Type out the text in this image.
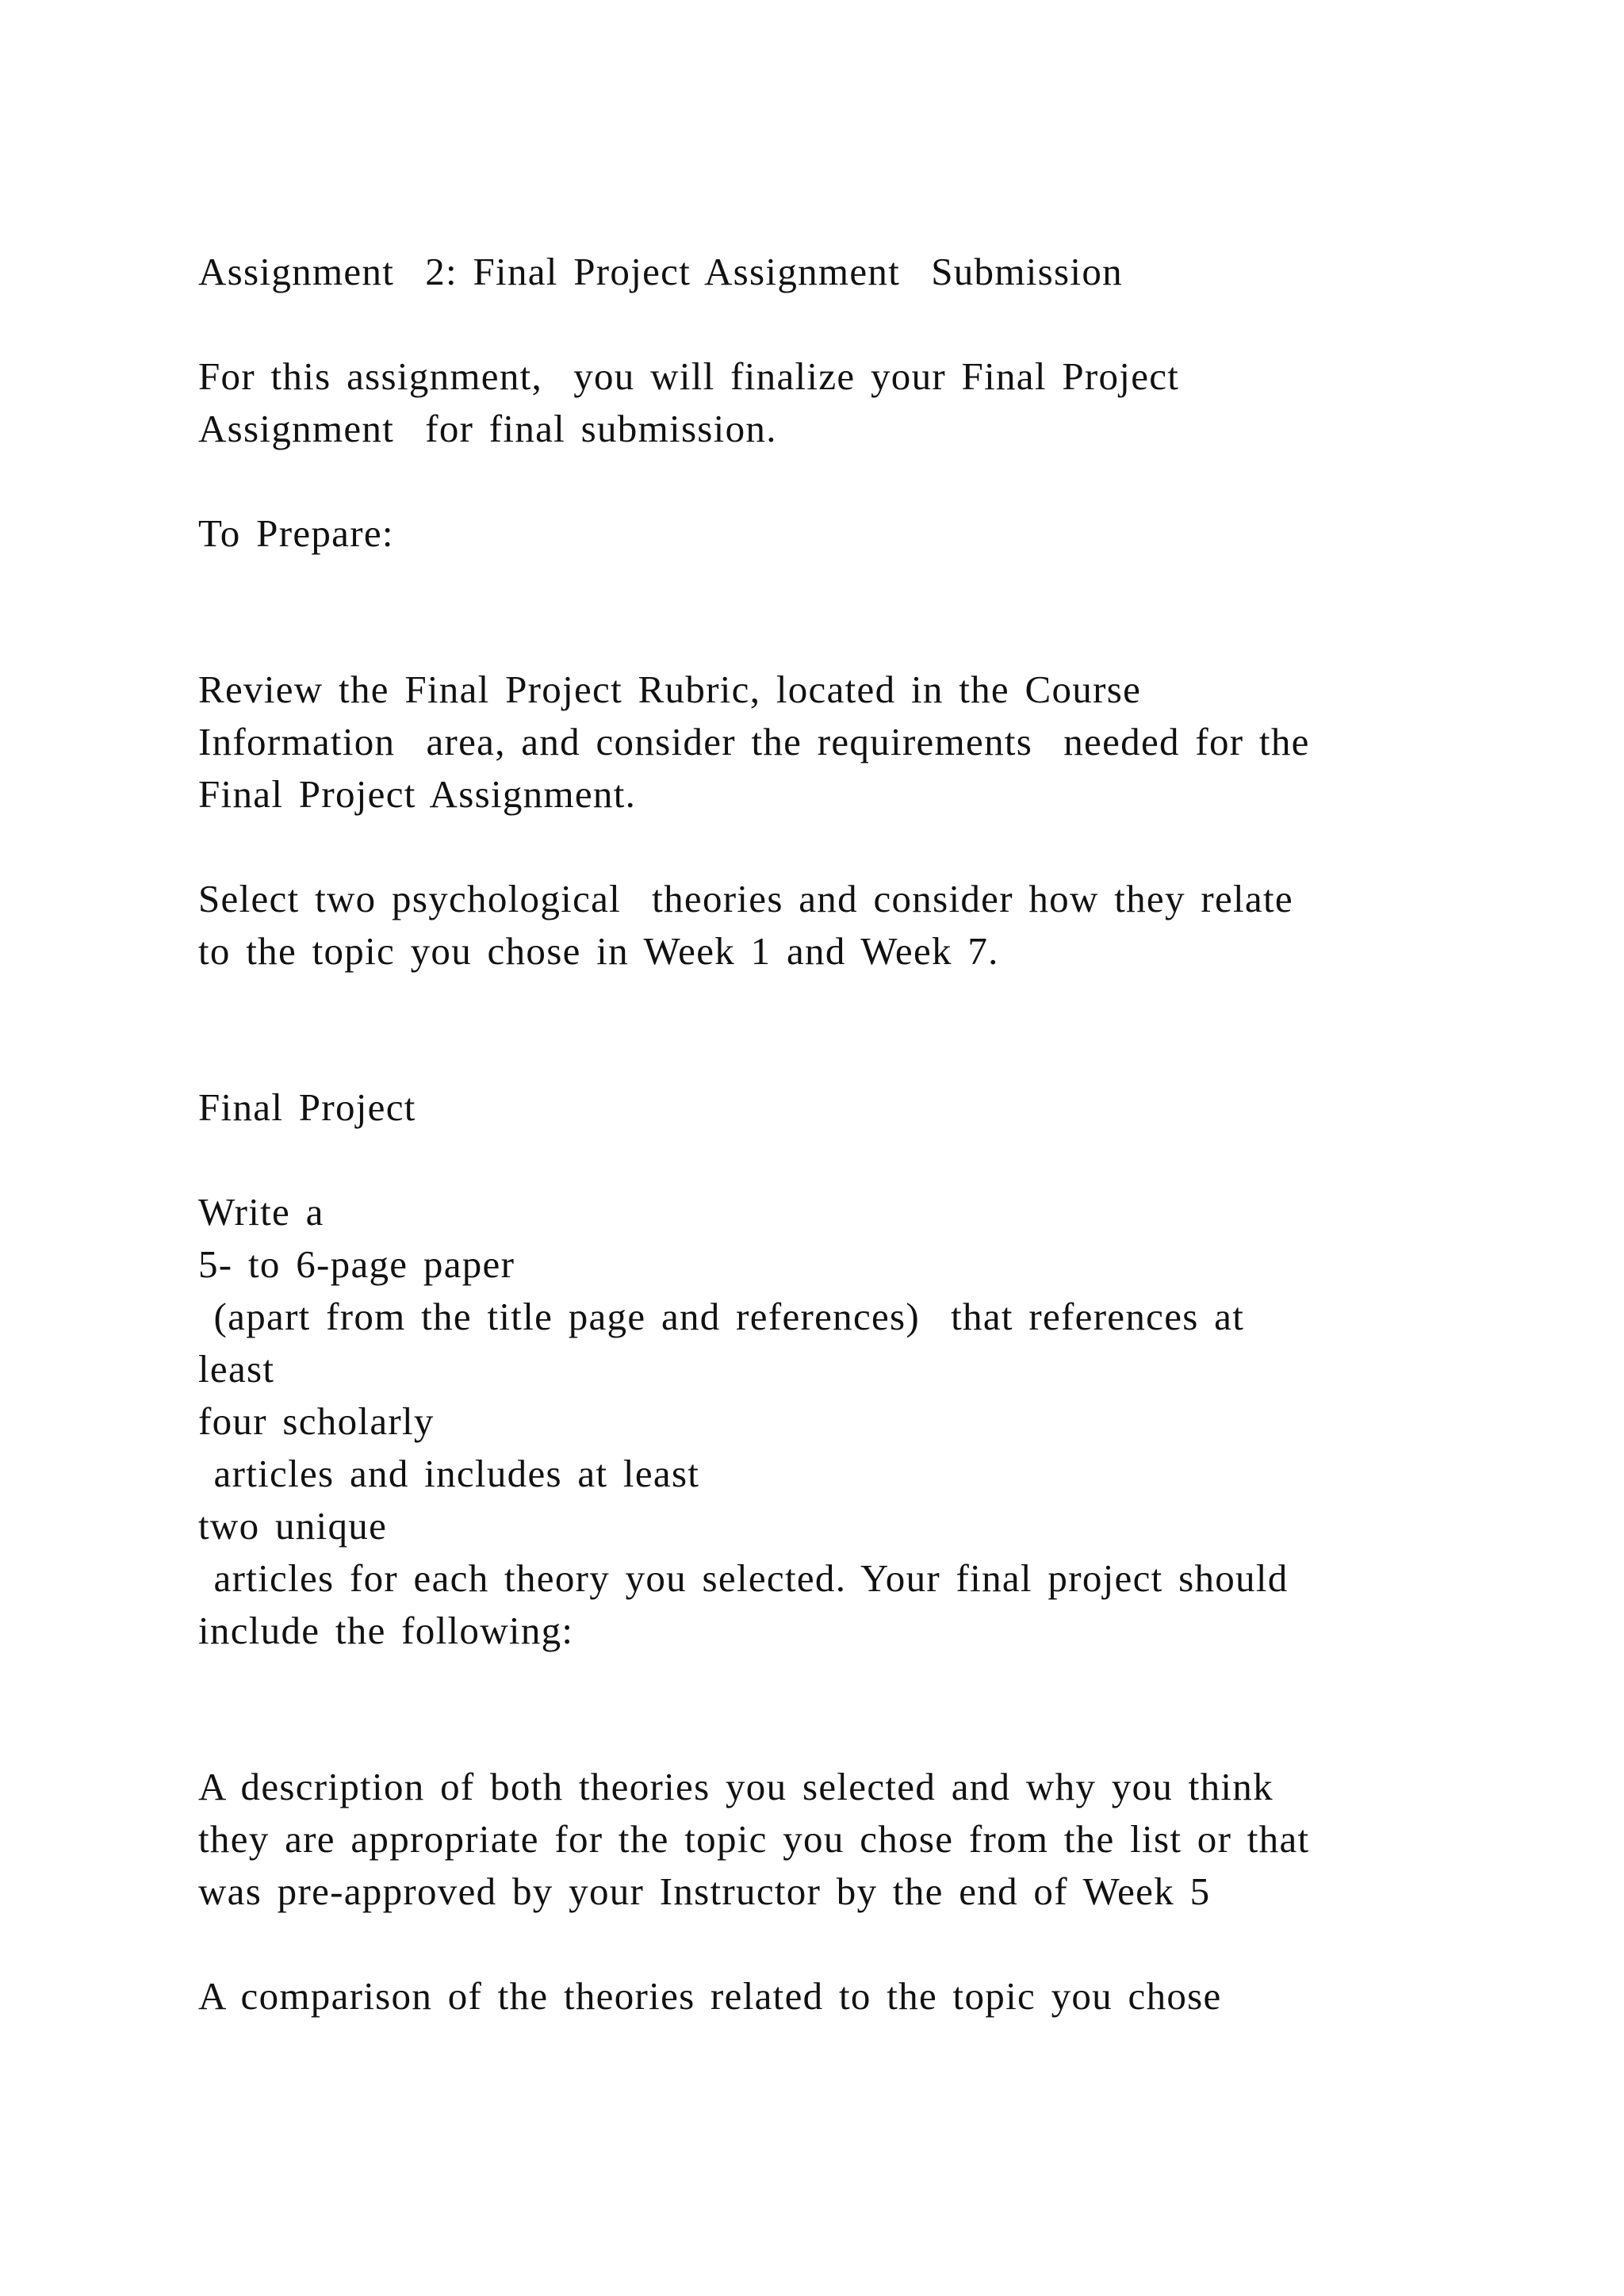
Assignment  2: Final Project Assignment  Submission

For this assignment,  you will finalize your Final Project

Assignment  for final submission.

To Prepare:

Review the Final Project Rubric, located in the Course

Information  area, and consider the requirements  needed for the

Final Project Assignment.

Select two psychological  theories and consider how they relate

to the topic you chose in Week 1 and Week 7.

Final Project

Write a

5- to 6-page paper

(apart from the title page and references)  that references at

least

four scholarly

articles and includes at least

two unique

articles for each theory you selected. Your final project should

include the following:

A description of both theories you selected and why you think

they are appropriate for the topic you chose from the list or that

was pre-approved by your Instructor by the end of Week 5

A comparison of the theories related to the topic you chose
